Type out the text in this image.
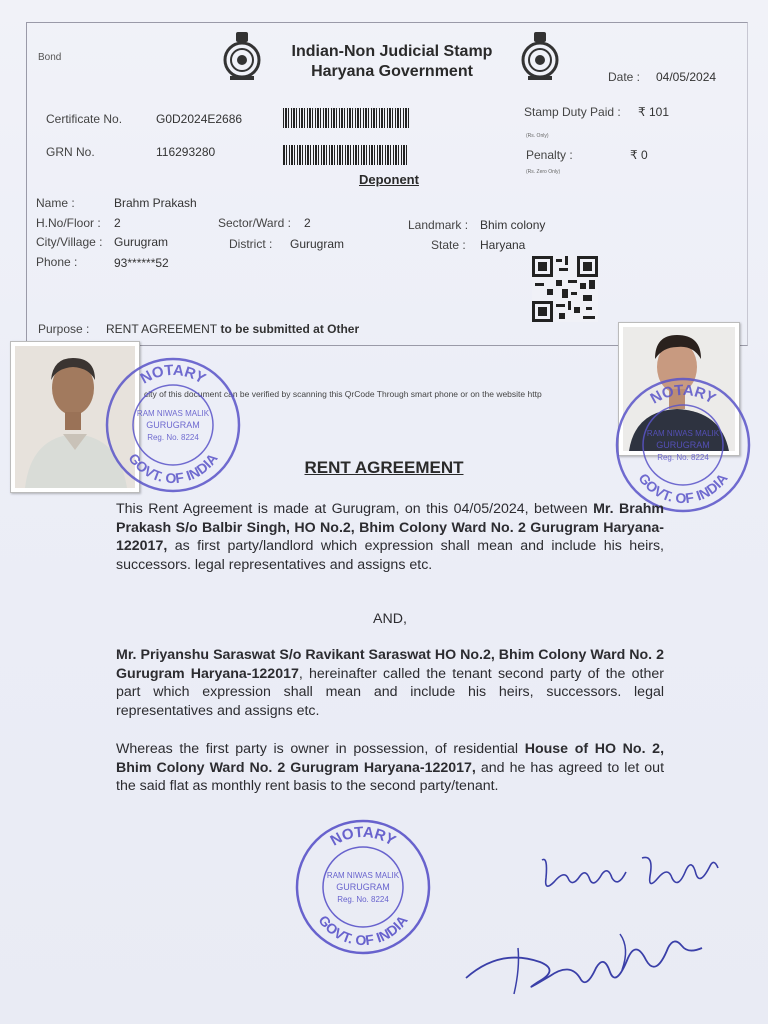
Bond	Indian-Non Judicial Stamp
Haryana Government	Date : 04/05/2024
Certificate No.	G0D2024E2686
GRN No.	116293280
Stamp Duty Paid : ₹ 101
(Rs. Only)
Penalty :	₹ 0
(Rs. Zero Only)
Deponent
Name :	Brahm Prakash
H.No/Floor : 2	Sector/Ward : 2	Landmark : Bhim colony
City/Village : Gurugram	District : Gurugram	State : Haryana
Phone :	93******52
Purpose : RENT AGREEMENT to be submitted at Other
city of this document can be verified by scanning this QrCode Through smart phone or on the website http
NOTARY
GOVT. OF INDIA
RAM NIWAS MALIK
GURUGRAM
Reg. No. 8224
NOTARY
GOVT. OF INDIA
RAM NIWAS MALIK
GURUGRAM
Reg. No. 8224
RENT AGREEMENT
This Rent Agreement is made at Gurugram, on this 04/05/2024, between Mr. Brahm Prakash S/o Balbir Singh, HO No.2, Bhim Colony Ward No. 2 Gurugram Haryana-122017, as first party/landlord which expression shall mean and include his heirs, successors. legal representatives and assigns etc.
AND,
Mr. Priyanshu Saraswat S/o Ravikant Saraswat HO No.2, Bhim Colony Ward No. 2 Gurugram Haryana-122017, hereinafter called the tenant second party of the other part which expression shall mean and include his heirs, successors. legal representatives and assigns etc.
Whereas the first party is owner in possession, of residential House of HO No. 2, Bhim Colony Ward No. 2 Gurugram Haryana-122017, and he has agreed to let out the said flat as monthly rent basis to the second party/tenant.
NOTARY
GOVT. OF INDIA
RAM NIWAS MALIK
GURUGRAM
Reg. No. 8224
